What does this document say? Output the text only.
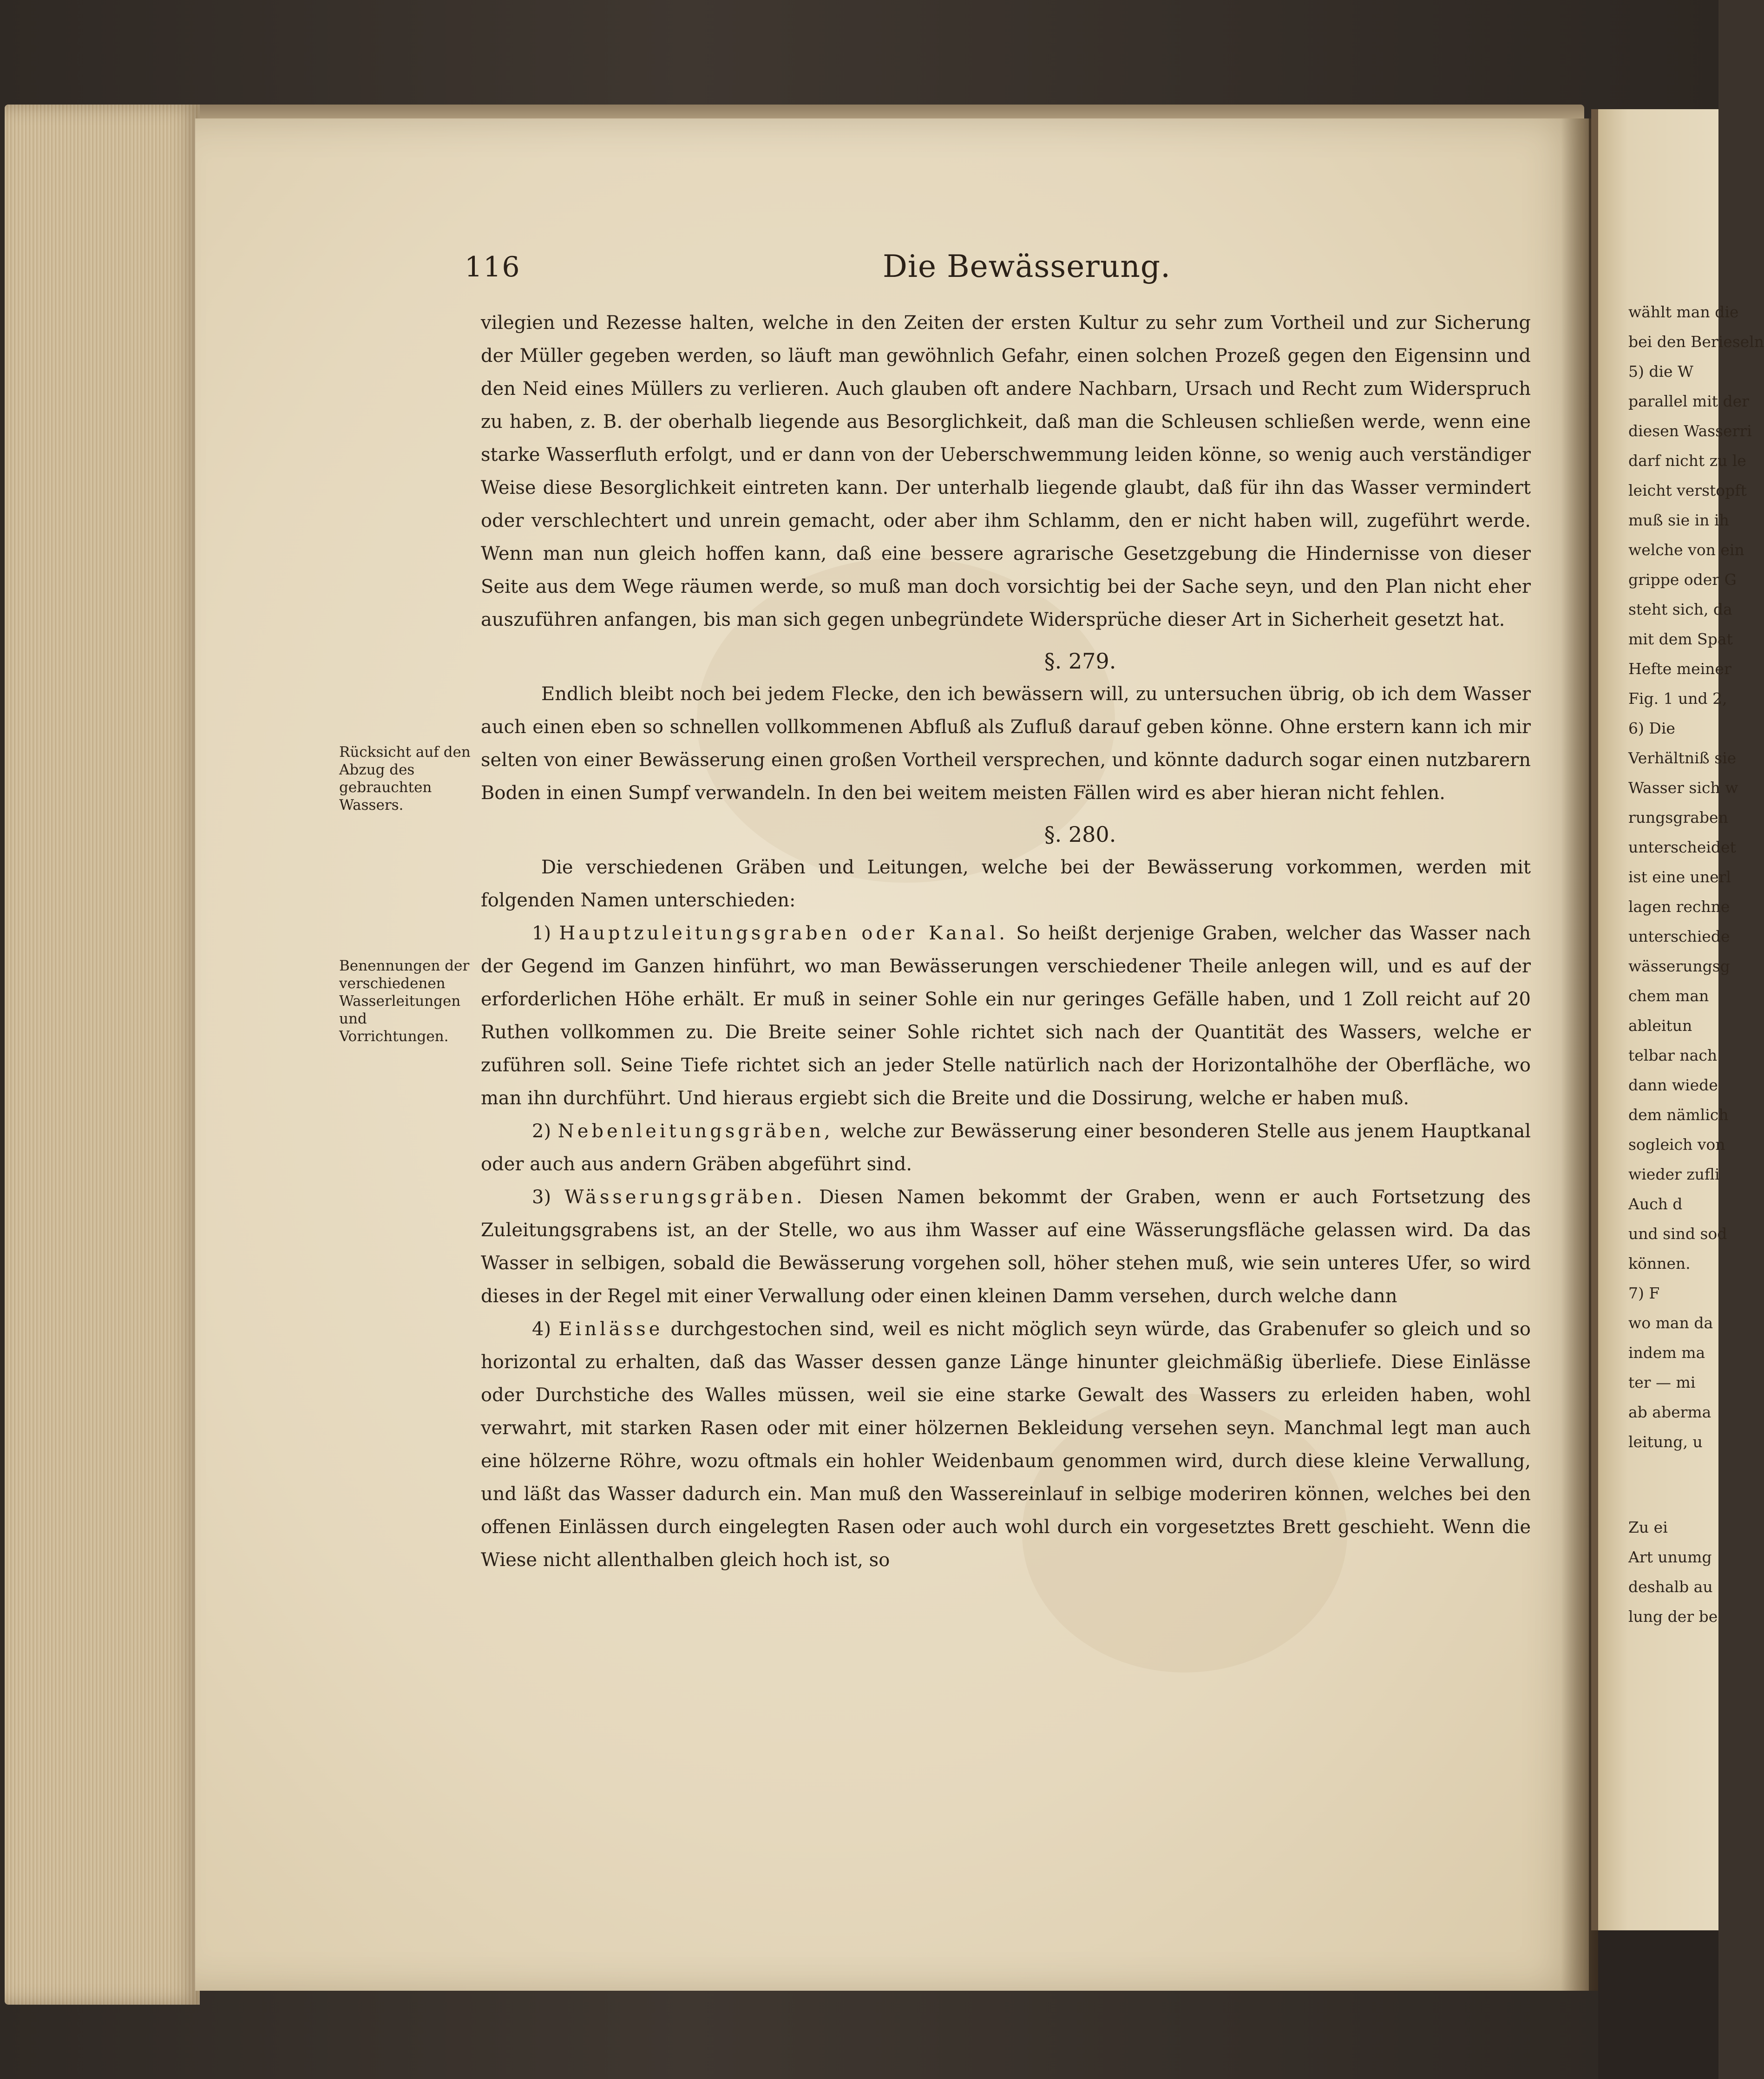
116	Die Bewässerung.
Rücksicht auf den Abzug des gebrauchten Wassers.
Benennungen der verschiedenen Wasserleitungen und Vorrichtungen.

vilegien und Rezesse halten, welche in den Zeiten der ersten Kultur zu sehr zum Vortheil und zur Sicherung der Müller gegeben werden, so läuft man gewöhnlich Gefahr, einen solchen Prozeß gegen den Eigensinn und den Neid eines Müllers zu verlieren. Auch glauben oft andere Nachbarn, Ursach und Recht zum Widerspruch zu haben, z. B. der oberhalb liegende aus Besorglichkeit, daß man die Schleusen schließen werde, wenn eine starke Wasserfluth erfolgt, und er dann von der Ueberschwemmung leiden könne, so wenig auch verständiger Weise diese Besorglichkeit eintreten kann. Der unterhalb liegende glaubt, daß für ihn das Wasser vermindert oder verschlechtert und unrein gemacht, oder aber ihm Schlamm, den er nicht haben will, zugeführt werde. Wenn man nun gleich hoffen kann, daß eine bessere agrarische Gesetzgebung die Hindernisse von dieser Seite aus dem Wege räumen werde, so muß man doch vorsichtig bei der Sache seyn, und den Plan nicht eher auszuführen anfangen, bis man sich gegen unbegründete Widersprüche dieser Art in Sicherheit gesetzt hat.

§. 279.

Endlich bleibt noch bei jedem Flecke, den ich bewässern will, zu untersuchen übrig, ob ich dem Wasser auch einen eben so schnellen vollkommenen Abfluß als Zufluß darauf geben könne. Ohne erstern kann ich mir selten von einer Bewässerung einen großen Vortheil versprechen, und könnte dadurch sogar einen nutzbarern Boden in einen Sumpf verwandeln. In den bei weitem meisten Fällen wird es aber hieran nicht fehlen.

§. 280.

Die verschiedenen Gräben und Leitungen, welche bei der Bewässerung vorkommen, werden mit folgenden Namen unterschieden:

1) Hauptzuleitungsgraben oder Kanal. So heißt derjenige Graben, welcher das Wasser nach der Gegend im Ganzen hinführt, wo man Bewässerungen verschiedener Theile anlegen will, und es auf der erforderlichen Höhe erhält. Er muß in seiner Sohle ein nur geringes Gefälle haben, und 1 Zoll reicht auf 20 Ruthen vollkommen zu. Die Breite seiner Sohle richtet sich nach der Quantität des Wassers, welche er zuführen soll. Seine Tiefe richtet sich an jeder Stelle natürlich nach der Horizontalhöhe der Oberfläche, wo man ihn durchführt. Und hieraus ergiebt sich die Breite und die Dossirung, welche er haben muß.

2) Nebenleitungsgräben, welche zur Bewässerung einer besonderen Stelle aus jenem Hauptkanal oder auch aus andern Gräben abgeführt sind.

3) Wässerungsgräben. Diesen Namen bekommt der Graben, wenn er auch Fortsetzung des Zuleitungsgrabens ist, an der Stelle, wo aus ihm Wasser auf eine Wässerungsfläche gelassen wird. Da das Wasser in selbigen, sobald die Bewässerung vorgehen soll, höher stehen muß, wie sein unteres Ufer, so wird dieses in der Regel mit einer Verwallung oder einen kleinen Damm versehen, durch welche dann

4) Einlässe durchgestochen sind, weil es nicht möglich seyn würde, das Grabenufer so gleich und so horizontal zu erhalten, daß das Wasser dessen ganze Länge hinunter gleichmäßig überliefe. Diese Einlässe oder Durchstiche des Walles müssen, weil sie eine starke Gewalt des Wassers zu erleiden haben, wohl verwahrt, mit starken Rasen oder mit einer hölzernen Bekleidung versehen seyn. Manchmal legt man auch eine hölzerne Röhre, wozu oftmals ein hohler Weidenbaum genommen wird, durch diese kleine Verwallung, und läßt das Wasser dadurch ein. Man muß den Wassereinlauf in selbige moderiren können, welches bei den offenen Einlässen durch eingelegten Rasen oder auch wohl durch ein vorgesetztes Brett geschieht. Wenn die Wiese nicht allenthalben gleich hoch ist, so

wählt man die
bei den Berieseln
5) die W
parallel mit der
diesen Wasserri
darf nicht zu le
leicht verstopft
muß sie in ih
welche von ein
grippe oder G
steht sich, da
mit dem Spat
Hefte meiner
Fig. 1 und 2,
6) Die
Verhältniß sie
Wasser sich w
rungsgraben
unterscheidet
ist eine unerl
lagen rechne
unterschiede
wässerungsg
chem man
ableitun
telbar nach
dann wiede
dem nämlich
sogleich von
wieder zufli
Auch d
und sind sod
können.
7) F
wo man da
indem ma
ter — mi
ab aberma
leitung, u
Zu ei
Art unumg
deshalb au
lung der be
